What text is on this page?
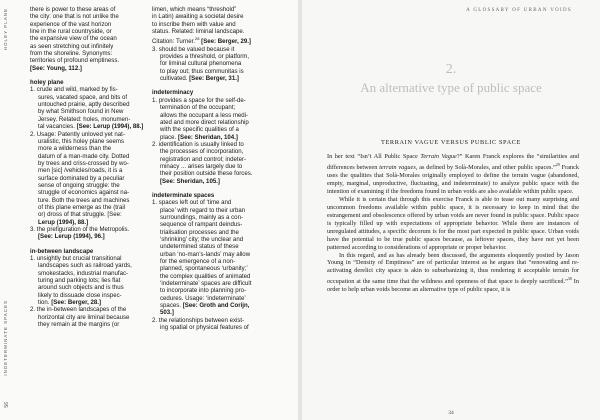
HOLEY PLANE
INDETERMINATE SPACES
56

there is power to these areas of

the city: one that is not unlike the

experience of the vast horizon

line in the rural countryside, or

the expansive view of the ocean

as seen stretching out infinitely

from the shoreline. Synonyms:

territories of profound emptiness.

[See: Young, 112.]

holey plane

1. crude and wild, marked by fis-

sures, vacated space, and bits of

untouched prairie, aptly described

by what Smithson found in New

Jersey. Related: holes, monumen-

tal vacancies. [See: Lerup (1994), 88.]

2. Usage: Patently unloved yet nat-

uralistic, this holey plane seems

more a wilderness than the

datum of a man-made city. Dotted

by trees and criss-crossed by wo-

men [sic] /vehicles/roads, it is a

surface dominated by a peculiar

sense of ongoing struggle: the

struggle of economics against na-

ture. Both the trees and machines

of this plane emerge as the (trail

or) dross of that struggle. [See:

Lerup (1994), 88.]

3. the prefiguration of the Metropolis.

[See: Lerup (1994), 96.]

in-between landscape

1. unsightly but crucial transitional

landscapes such as railroad yards,

smokestacks, industrial manufac-

turing and parking lots; lies flat

around such objects and is thus

likely to dissuade close inspec-

tion. [See: Berger, 28.]

2. the in-between landscapes of the

horizontal city are liminal because

they remain at the margins (or

limen, which means “threshold”

in Latin) awaiting a societal desire

to inscribe them with value and

status. Related: liminal landscape.

Citation: Turner.$^{28}$ [See: Berger, 29.]

3. should be valued because it

provides a threshold, or platform,

for liminal cultural phenomena

to play out; thus communitas is

cultivated. [See: Berger, 31.]

indeterminacy

1. provides a space for the self-de-

termination of the occupant;

allows the occupant a less medi-

ated and more direct relationship

with the specific qualities of a

place. [See: Sheridan, 104.]

2. identification is usually linked to

the processes of incorporation,

registration and control; indeter-

minacy ... arises largely due to

their position outside these forces.

[See: Sheridan, 105.]

indeterminate spaces

1. spaces left out of ‘time and

place’ with regard to their urban

surroundings, mainly as a con-

sequence of rampant deindus-

trialisation processes and the

‘shrinking’ city; the unclear and

undetermined status of these

urban ‘no-man’s-lands’ may allow

for the emergence of a non-

planned, spontaneous ‘urbanity;’

the complex qualities of animated

‘indeterminate’ spaces are difficult

to incorporate into planning pro-

cedures. Usage: ‘indeterminate’

spaces. [See: Groth and Corijn,

503.]

2. the relationships between exist-

ing spatial or physical features of

A GLOSSARY OF URBAN VOIDS
2.
An alternative type of public space
TERRAIN VAGUE VERSUS PUBLIC SPACE

In her text “Isn’t All Public Space Terrain Vague?” Karen Franck explores the “similarities and differences between terrain vagues, as defined by Solà-Morales, and other public spaces.”$^{29}$ Franck uses the qualities that Solà-Morales originally employed to define the terrain vague (abandoned, empty, marginal, unproductive, fluctuating, and indeterminate) to analyze public space with the intention of examining if the freedoms found in urban voids are also available within public space.

While it is certain that through this exercise Franck is able to tease out many surprising and uncommon freedoms available within public space, it is necessary to keep in mind that the estrangement and obsolescence offered by urban voids are never found in public space. Public space is typically filled up with expectations of appropriate behavior. While there are instances of unregulated attitudes, a specific decorum is for the most part expected in public space. Urban voids have the potential to be true public spaces because, as leftover spaces, they have not yet been patterned according to considerations of appropriate or proper behavior.

In this regard, and as has already been discussed, the arguments eloquently posited by Jason Young in “Density of Emptiness” are of particular interest as he argues that “renovating and re-activating derelict city space is akin to suburbanizing it, thus rendering it acceptable terrain for occupation at the same time that the wildness and openness of that space is deeply sacrificed.”$^{30}$ In order to help urban voids become an alternative type of public space, it is

34
